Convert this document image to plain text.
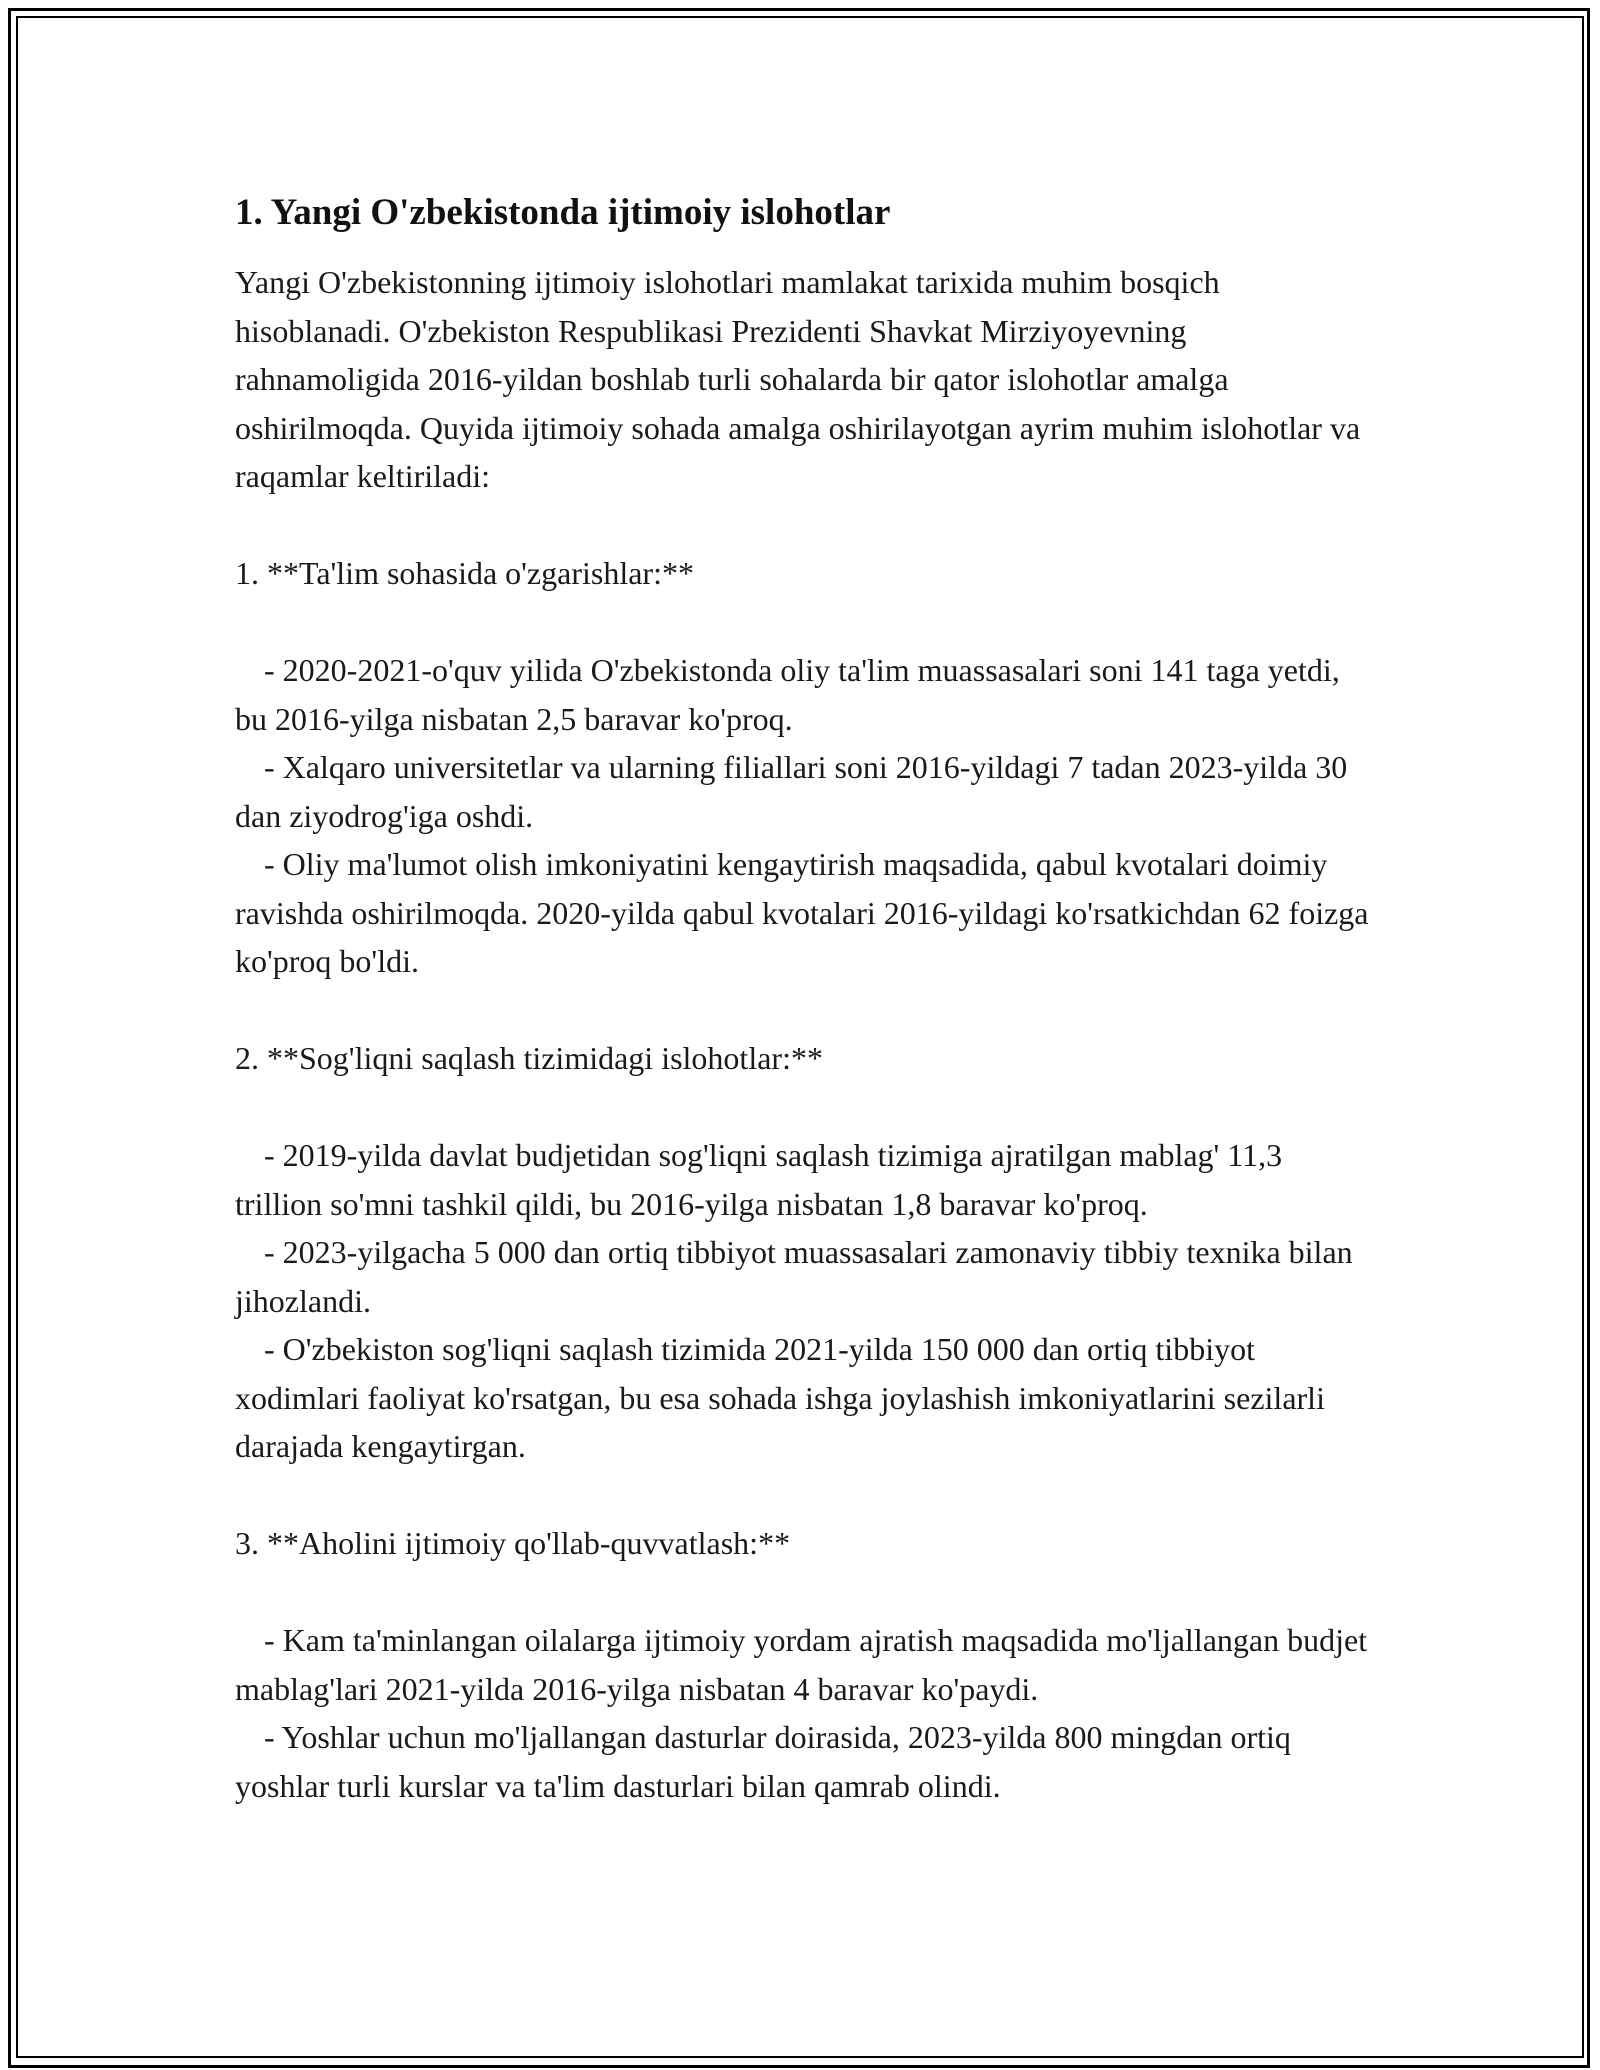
1. Yangi O'zbekistonda ijtimoiy islohotlar

Yangi O'zbekistonning ijtimoiy islohotlari mamlakat tarixida muhim bosqich hisoblanadi. O'zbekiston Respublikasi Prezidenti Shavkat Mirziyoyevning rahnamoligida 2016-yildan boshlab turli sohalarda bir qator islohotlar amalga oshirilmoqda. Quyida ijtimoiy sohada amalga oshirilayotgan ayrim muhim islohotlar va raqamlar keltiriladi:

1. **Ta'lim sohasida o'zgarishlar:**

- 2020-2021-o'quv yilida O'zbekistonda oliy ta'lim muassasalari soni 141 taga yetdi, bu 2016-yilga nisbatan 2,5 baravar ko'proq.

- Xalqaro universitetlar va ularning filiallari soni 2016-yildagi 7 tadan 2023-yilda 30 dan ziyodrog'iga oshdi.

- Oliy ma'lumot olish imkoniyatini kengaytirish maqsadida, qabul kvotalari doimiy ravishda oshirilmoqda. 2020-yilda qabul kvotalari 2016-yildagi ko'rsatkichdan 62 foizga ko'proq bo'ldi.

2. **Sog'liqni saqlash tizimidagi islohotlar:**

- 2019-yilda davlat budjetidan sog'liqni saqlash tizimiga ajratilgan mablag' 11,3 trillion so'mni tashkil qildi, bu 2016-yilga nisbatan 1,8 baravar ko'proq.

- 2023-yilgacha 5 000 dan ortiq tibbiyot muassasalari zamonaviy tibbiy texnika bilan jihozlandi.

- O'zbekiston sog'liqni saqlash tizimida 2021-yilda 150 000 dan ortiq tibbiyot xodimlari faoliyat ko'rsatgan, bu esa sohada ishga joylashish imkoniyatlarini sezilarli darajada kengaytirgan.

3. **Aholini ijtimoiy qo'llab-quvvatlash:**

- Kam ta'minlangan oilalarga ijtimoiy yordam ajratish maqsadida mo'ljallangan budjet mablag'lari 2021-yilda 2016-yilga nisbatan 4 baravar ko'paydi.

- Yoshlar uchun mo'ljallangan dasturlar doirasida, 2023-yilda 800 mingdan ortiq yoshlar turli kurslar va ta'lim dasturlari bilan qamrab olindi.
